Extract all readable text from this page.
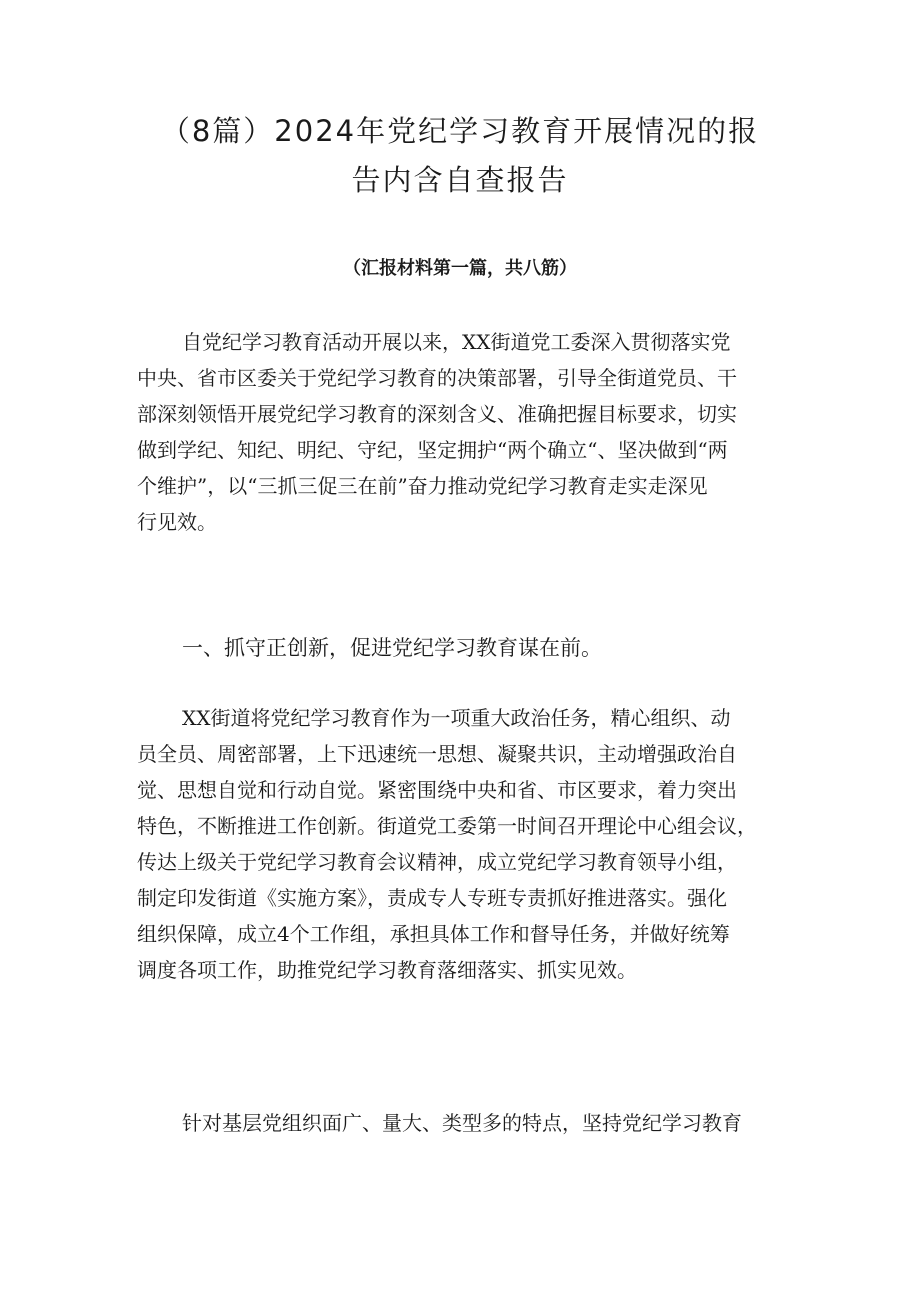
（8篇）2024年党纪学习教育开展情况的报
告内含自查报告

（汇报材料第一篇，共八筋）

自党纪学习教育活动开展以来，XX街道党工委深入贯彻落实党
中央、省市区委关于党纪学习教育的决策部署，引导全街道党员、干
部深刻领悟开展党纪学习教育的深刻含义、准确把握目标要求，切实
做到学纪、知纪、明纪、守纪，坚定拥护“两个确立“、坚决做到“两
个维护”，以“三抓三促三在前”奋力推动党纪学习教育走实走深见
行见效。

一、抓守正创新，促进党纪学习教育谋在前。

XX街道将党纪学习教育作为一项重大政治任务，精心组织、动
员全员、周密部署，上下迅速统一思想、凝聚共识，主动增强政治自
觉、思想自觉和行动自觉。紧密围绕中央和省、市区要求，着力突出
特色，不断推进工作创新。街道党工委第一时间召开理论中心组会议，
传达上级关于党纪学习教育会议精神，成立党纪学习教育领导小组，
制定印发街道《实施方案》，责成专人专班专责抓好推进落实。强化
组织保障，成立4个工作组，承担具体工作和督导任务，并做好统筹
调度各项工作，助推党纪学习教育落细落实、抓实见效。

针对基层党组织面广、量大、类型多的特点，坚持党纪学习教育
